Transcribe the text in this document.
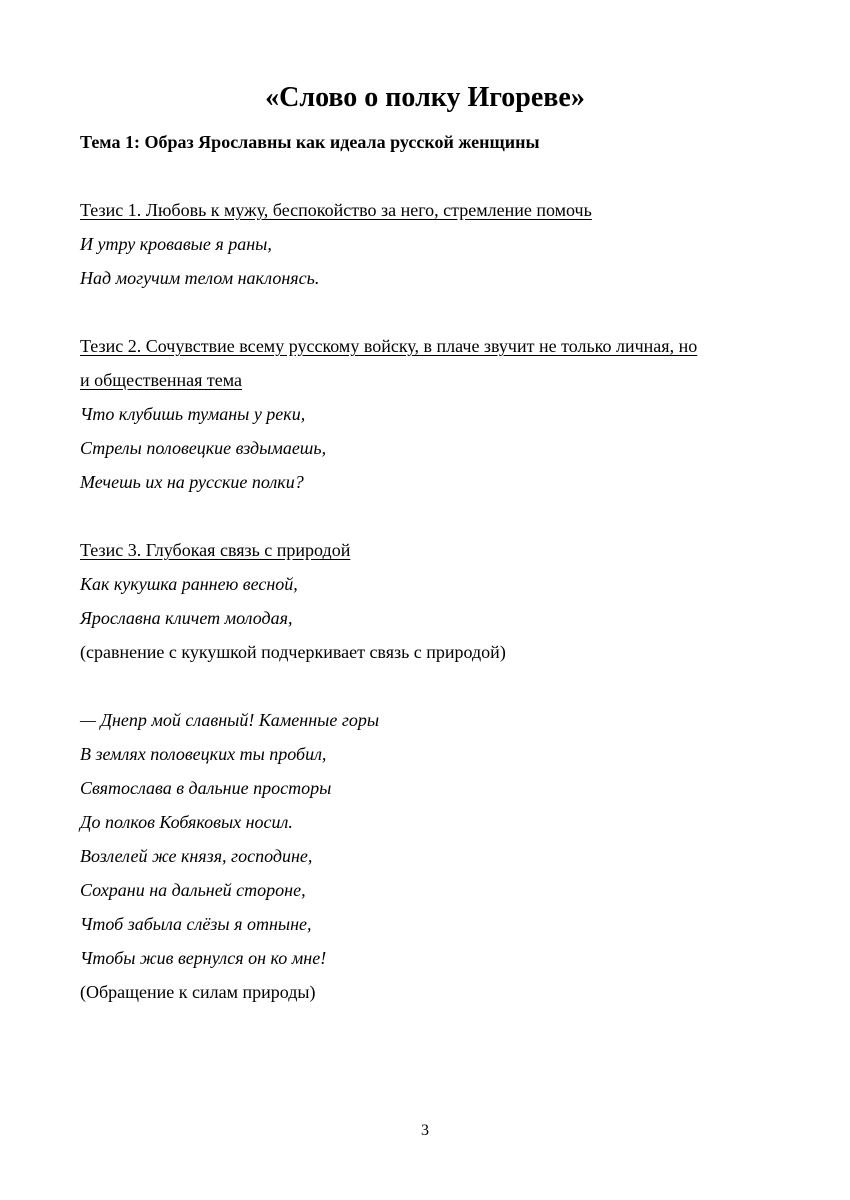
«Слово о полку Игореве»
Тема 1: Образ Ярославны как идеала русской женщины
Тезис 1. Любовь к мужу, беспокойство за него, стремление помочь
И утру кровавые я раны,
Над могучим телом наклонясь.
Тезис 2. Сочувствие всему русскому войску, в плаче звучит не только личная, но
и общественная тема
Что клубишь туманы у реки,
Стрелы половецкие вздымаешь,
Мечешь их на русские полки?
Тезис 3. Глубокая связь с природой
Как кукушка раннею весной,
Ярославна кличет молодая,
(сравнение с кукушкой подчеркивает связь с природой)
— Днепр мой славный! Каменные горы
В землях половецких ты пробил,
Святослава в дальние просторы
До полков Кобяковых носил.
Возлелей же князя, господине,
Сохрани на дальней стороне,
Чтоб забыла слёзы я отныне,
Чтобы жив вернулся он ко мне!
(Обращение к силам природы)
3
